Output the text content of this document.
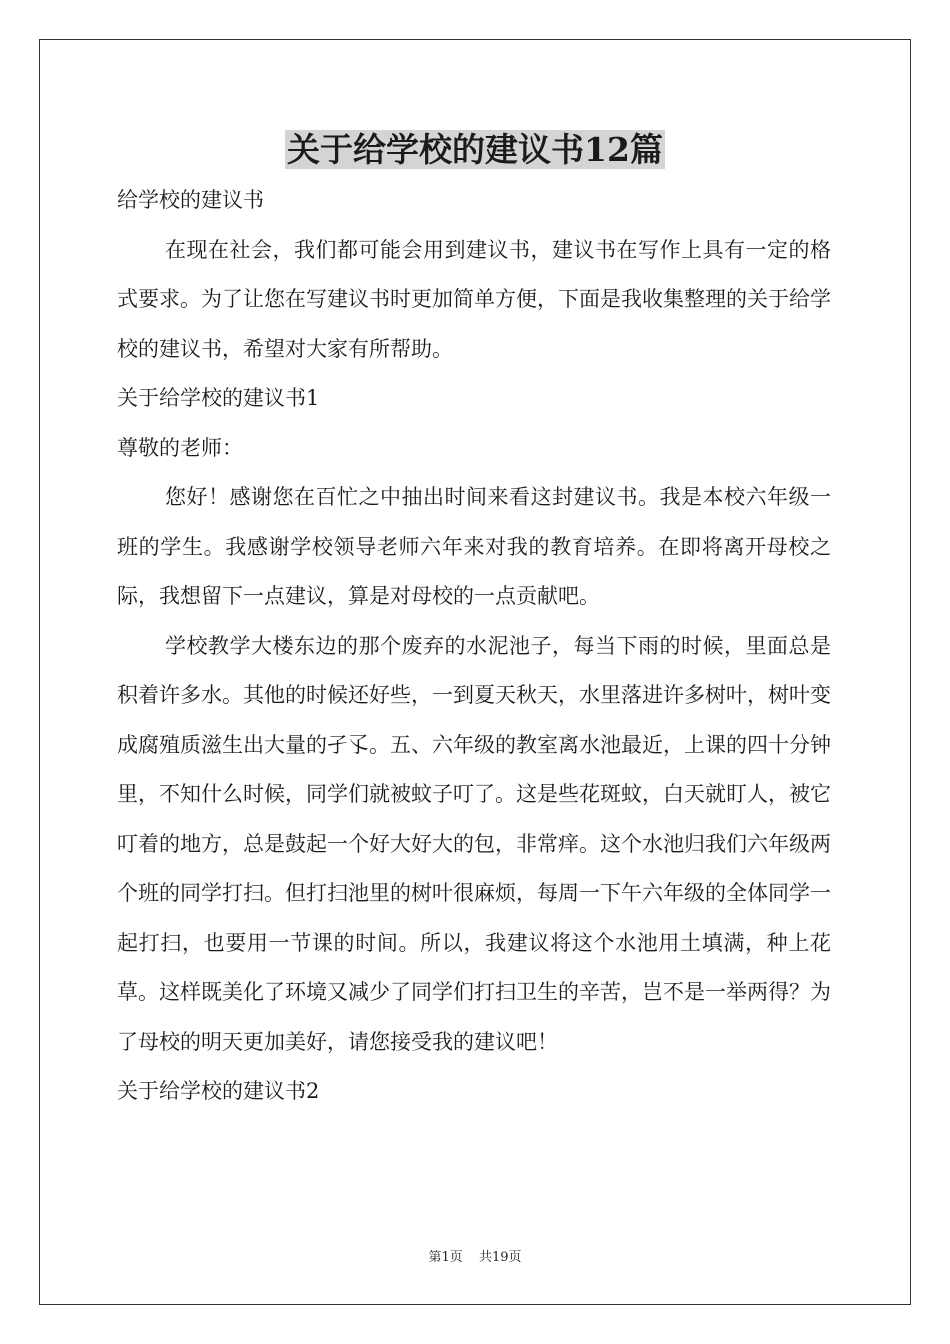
关于给学校的建议书12篇

给学校的建议书

在现在社会，我们都可能会用到建议书，建议书在写作上具有一定的格式要求。为了让您在写建议书时更加简单方便，下面是我收集整理的关于给学校的建议书，希望对大家有所帮助。

关于给学校的建议书1

尊敬的老师：

您好！感谢您在百忙之中抽出时间来看这封建议书。我是本校六年级一班的学生。我感谢学校领导老师六年来对我的教育培养。在即将离开母校之际，我想留下一点建议，算是对母校的一点贡献吧。

学校教学大楼东边的那个废弃的水泥池子，每当下雨的时候，里面总是积着许多水。其他的时候还好些，一到夏天秋天，水里落进许多树叶，树叶变成腐殖质滋生出大量的孑孓。五、六年级的教室离水池最近，上课的四十分钟里，不知什么时候，同学们就被蚊子叮了。这是些花斑蚊，白天就盯人，被它叮着的地方，总是鼓起一个好大好大的包，非常痒。这个水池归我们六年级两个班的同学打扫。但打扫池里的树叶很麻烦，每周一下午六年级的全体同学一起打扫，也要用一节课的时间。所以，我建议将这个水池用土填满，种上花草。这样既美化了环境又减少了同学们打扫卫生的辛苦，岂不是一举两得？为了母校的明天更加美好，请您接受我的建议吧！

关于给学校的建议书2

第1页 共19页
